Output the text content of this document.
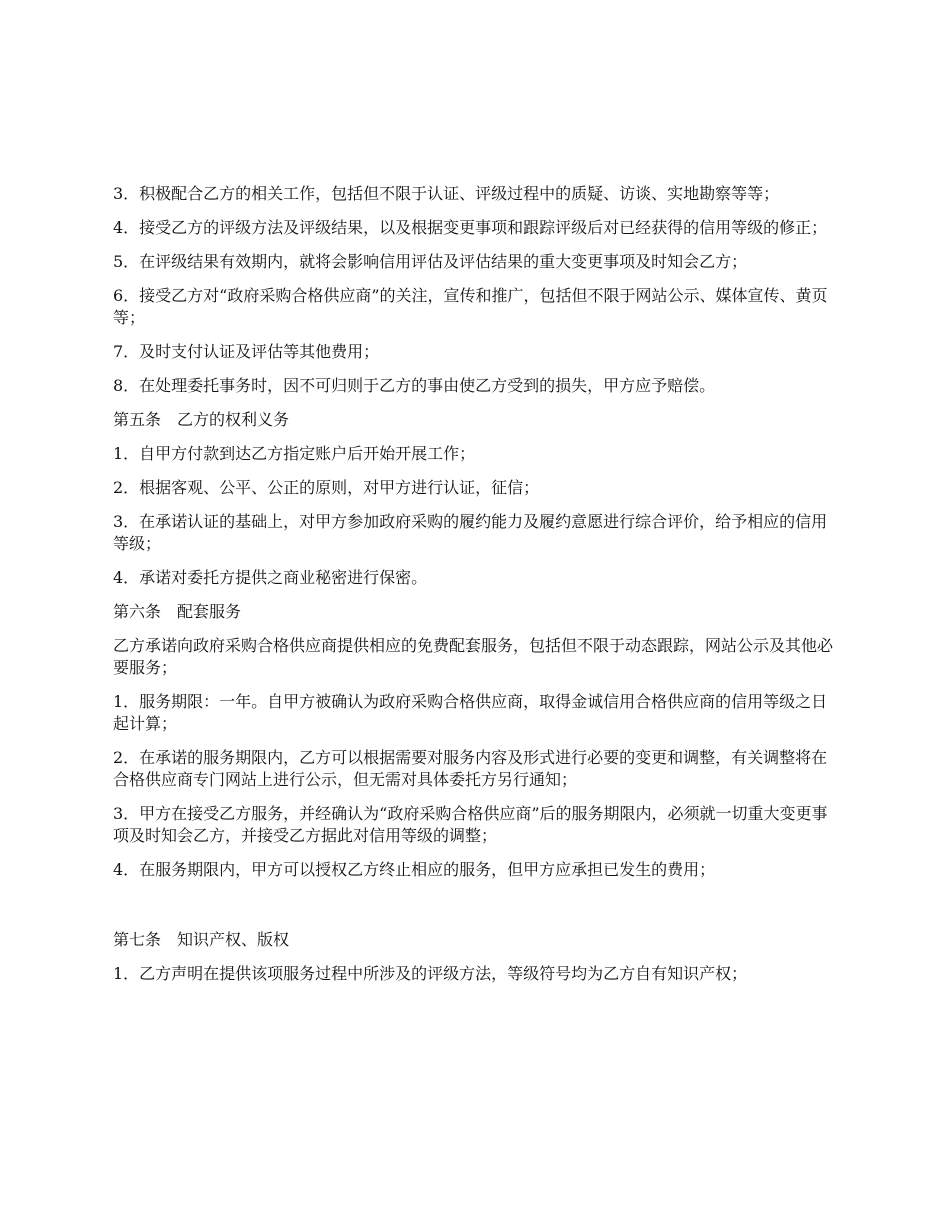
3．积极配合乙方的相关工作，包括但不限于认证、评级过程中的质疑、访谈、实地勘察等等；

4．接受乙方的评级方法及评级结果，以及根据变更事项和跟踪评级后对已经获得的信用等级的修正；

5．在评级结果有效期内，就将会影响信用评估及评估结果的重大变更事项及时知会乙方；

6．接受乙方对“政府采购合格供应商”的关注，宣传和推广，包括但不限于网站公示、媒体宣传、黄页等；

7．及时支付认证及评估等其他费用；

8．在处理委托事务时，因不可归则于乙方的事由使乙方受到的损失，甲方应予赔偿。

第五条　乙方的权利义务

1．自甲方付款到达乙方指定账户后开始开展工作；

2．根据客观、公平、公正的原则，对甲方进行认证，征信；

3．在承诺认证的基础上，对甲方参加政府采购的履约能力及履约意愿进行综合评价，给予相应的信用等级；

4．承诺对委托方提供之商业秘密进行保密。

第六条　配套服务

乙方承诺向政府采购合格供应商提供相应的免费配套服务，包括但不限于动态跟踪，网站公示及其他必要服务；

1．服务期限：一年。自甲方被确认为政府采购合格供应商，取得金诚信用合格供应商的信用等级之日起计算；

2．在承诺的服务期限内，乙方可以根据需要对服务内容及形式进行必要的变更和调整，有关调整将在合格供应商专门网站上进行公示，但无需对具体委托方另行通知；

3．甲方在接受乙方服务，并经确认为“政府采购合格供应商”后的服务期限内，必须就一切重大变更事项及时知会乙方，并接受乙方据此对信用等级的调整；

4．在服务期限内，甲方可以授权乙方终止相应的服务，但甲方应承担已发生的费用；

第七条　知识产权、版权

1．乙方声明在提供该项服务过程中所涉及的评级方法，等级符号均为乙方自有知识产权；
